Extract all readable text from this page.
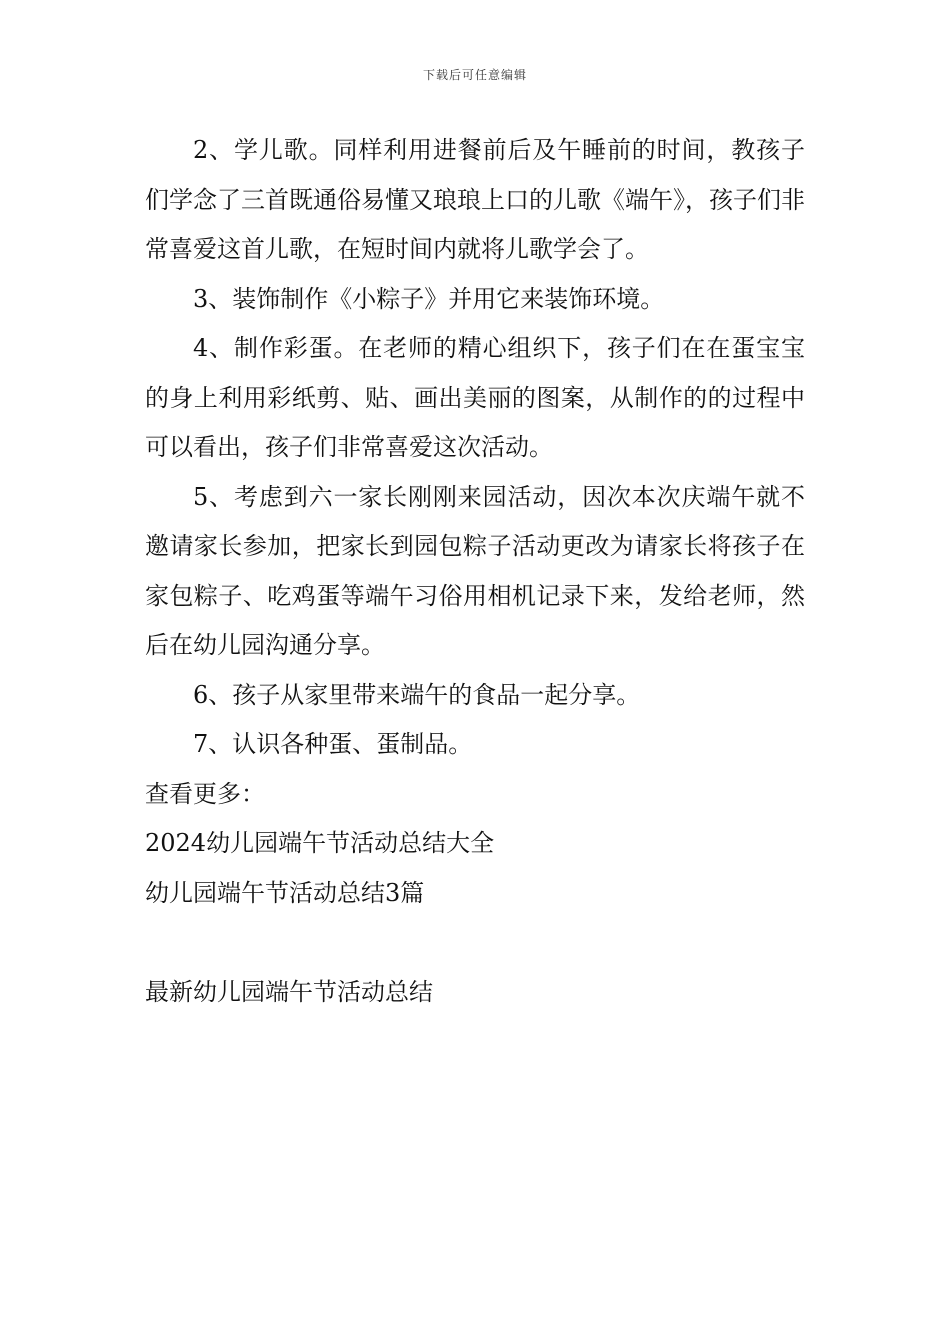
下载后可任意编辑

2、学儿歌。同样利用进餐前后及午睡前的时间，教孩子们学念了三首既通俗易懂又琅琅上口的儿歌《端午》，孩子们非常喜爱这首儿歌，在短时间内就将儿歌学会了。

3、装饰制作《小粽子》并用它来装饰环境。

4、制作彩蛋。在老师的精心组织下，孩子们在在蛋宝宝的身上利用彩纸剪、贴、画出美丽的图案，从制作的的过程中可以看出，孩子们非常喜爱这次活动。

5、考虑到六一家长刚刚来园活动，因次本次庆端午就不邀请家长参加，把家长到园包粽子活动更改为请家长将孩子在家包粽子、吃鸡蛋等端午习俗用相机记录下来，发给老师，然后在幼儿园沟通分享。

6、孩子从家里带来端午的食品一起分享。

7、认识各种蛋、蛋制品。

查看更多：

2024幼儿园端午节活动总结大全

幼儿园端午节活动总结3篇

最新幼儿园端午节活动总结
